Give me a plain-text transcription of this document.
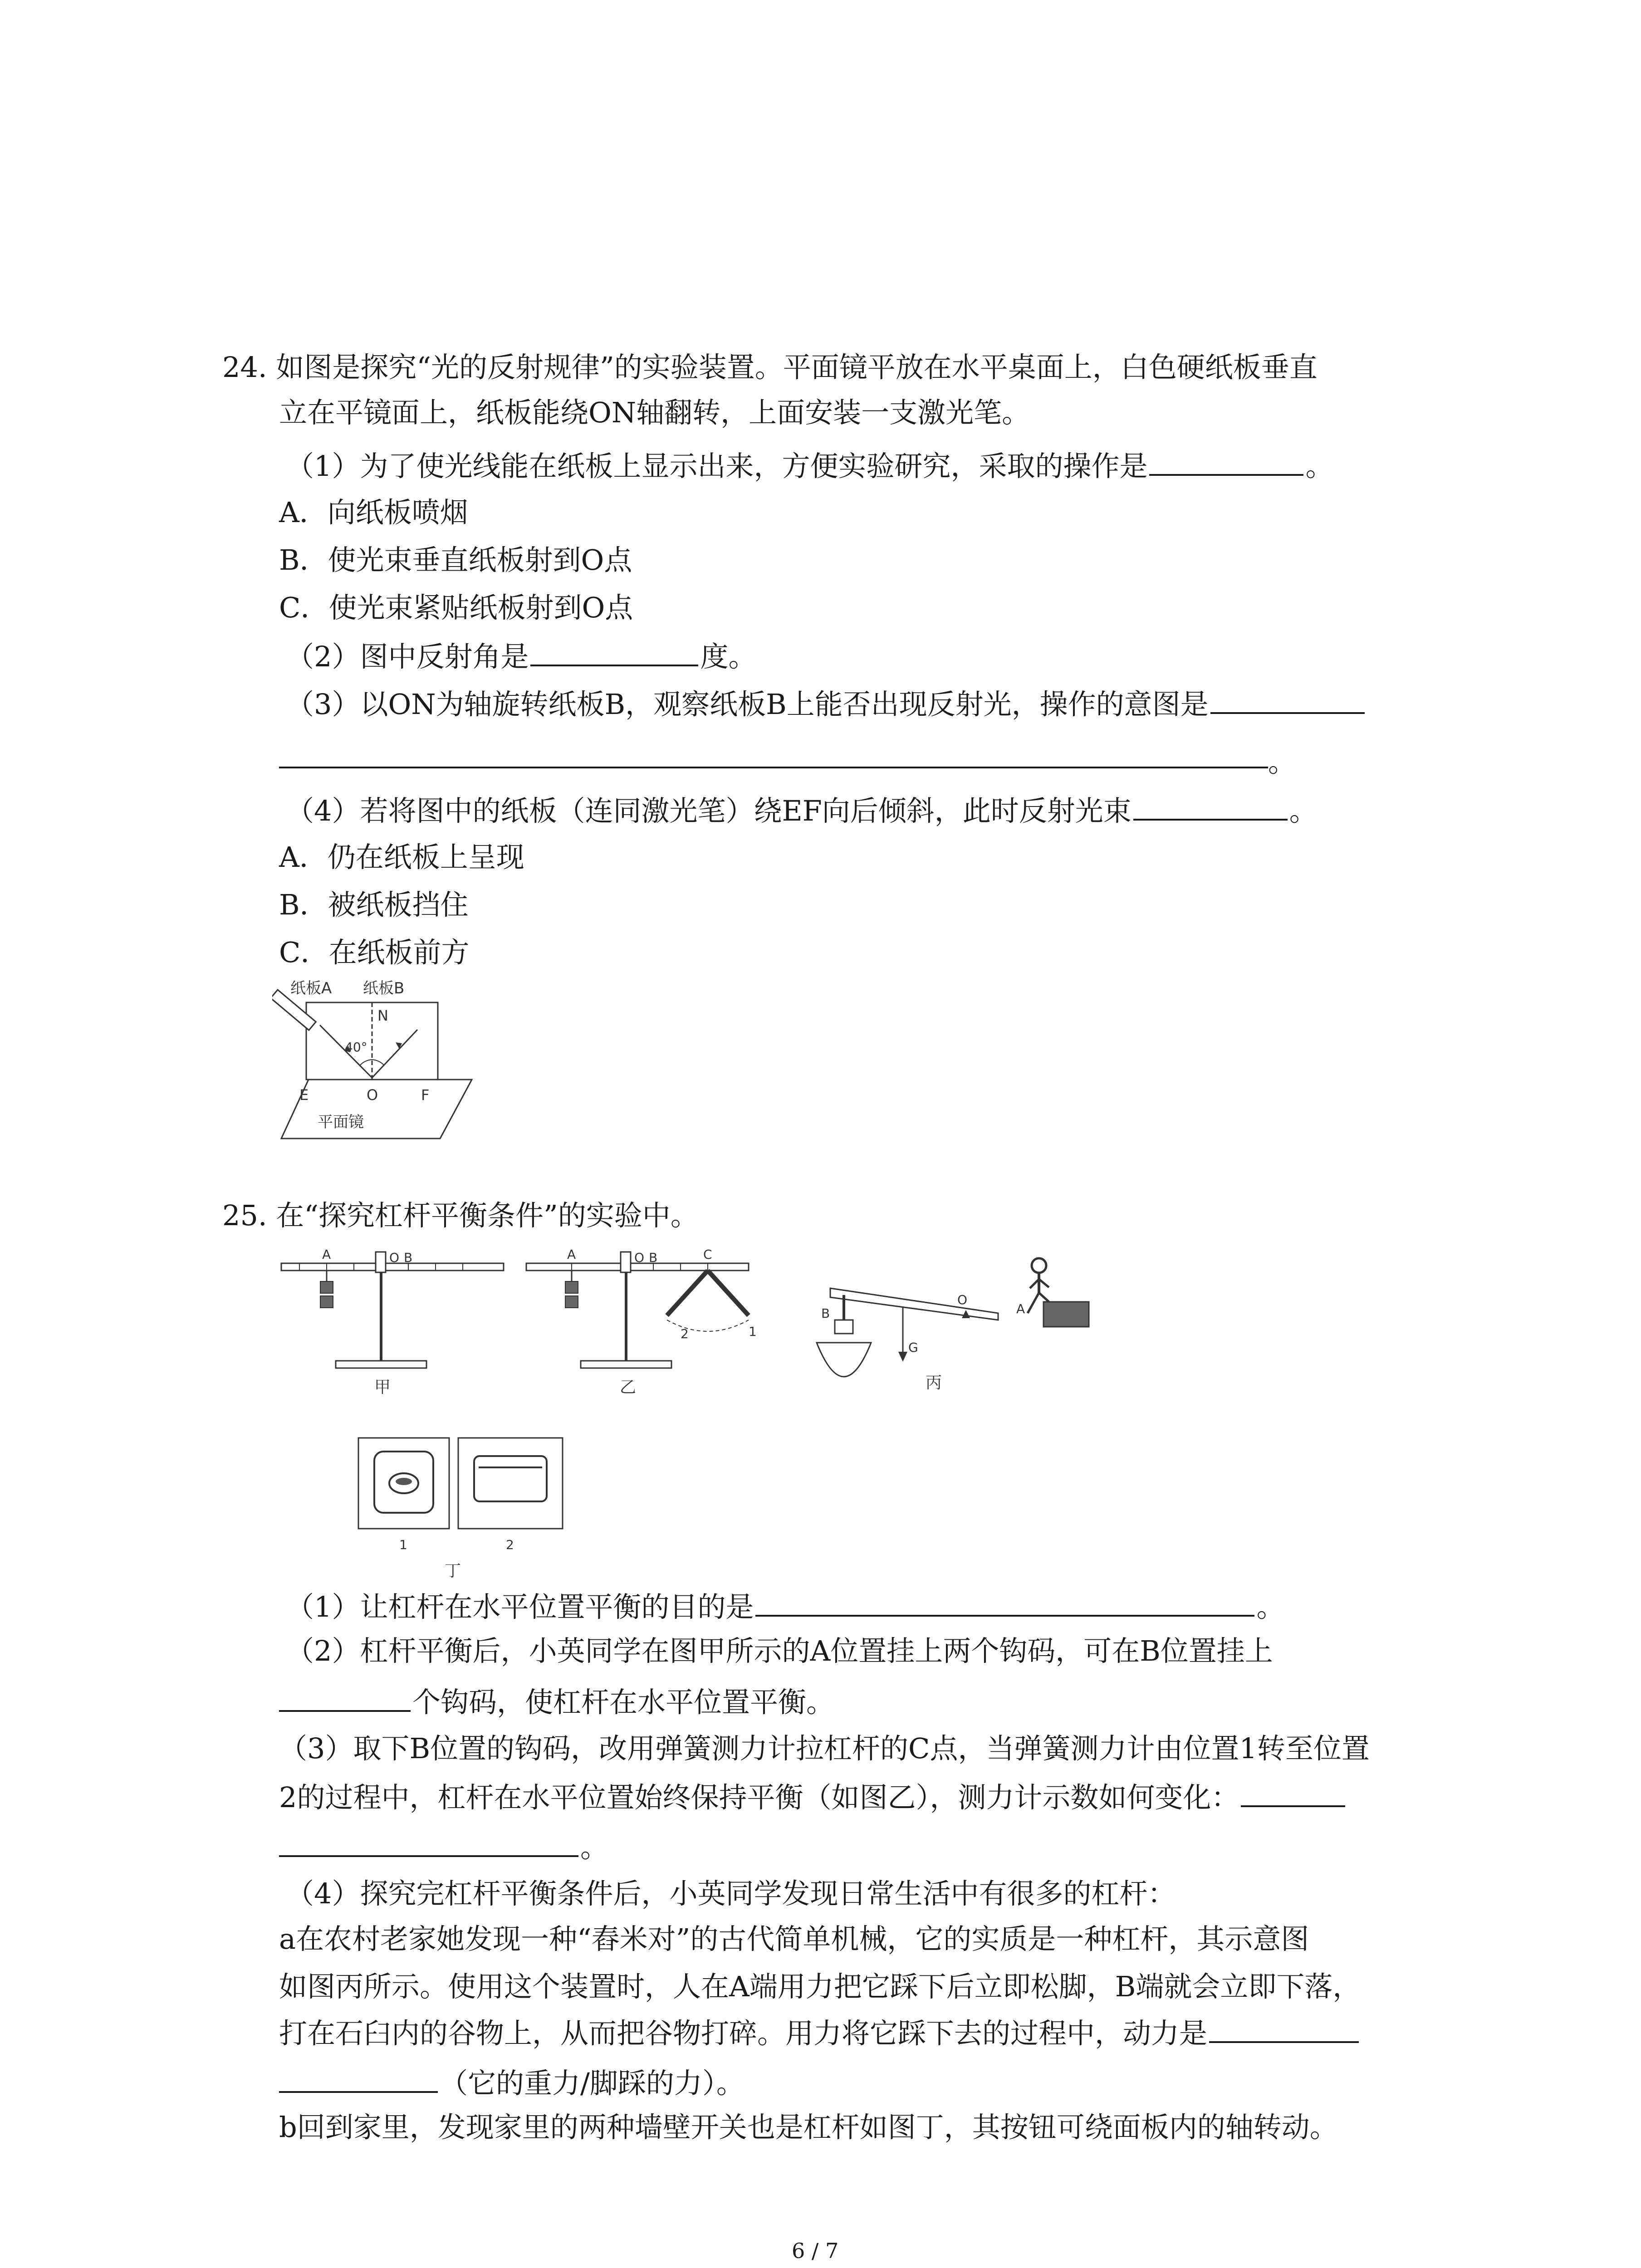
24. 如图是探究“光的反射规律”的实验装置。平面镜平放在水平桌面上，白色硬纸板垂直
立在平镜面上，纸板能绕ON轴翻转，上面安装一支激光笔。
（1）为了使光线能在纸板上显示出来，方便实验研究，采取的操作是	。
A．向纸板喷烟
B．使光束垂直纸板射到O点
C．使光束紧贴纸板射到O点
（2）图中反射角是	度。
（3）以ON为轴旋转纸板B，观察纸板B上能否出现反射光，操作的意图是
。
（4）若将图中的纸板（连同激光笔）绕EF向后倾斜，此时反射光束	。
A．仍在纸板上呈现
B．被纸板挡住
C．在纸板前方
纸板A 纸板B
N
40°
E	O	F
平面镜
25. 在“探究杠杆平衡条件”的实验中。
A	O B
甲
A	O B	C
2	1
乙
B
O
A
G
丙
1	2
丁
（1）让杠杆在水平位置平衡的目的是	。
（2）杠杆平衡后，小英同学在图甲所示的A位置挂上两个钩码，可在B位置挂上
个钩码，使杠杆在水平位置平衡。
（3）取下B位置的钩码，改用弹簧测力计拉杠杆的C点，当弹簧测力计由位置1转至位置
2的过程中，杠杆在水平位置始终保持平衡（如图乙），测力计示数如何变化：
。
（4）探究完杠杆平衡条件后，小英同学发现日常生活中有很多的杠杆：
a在农村老家她发现一种“舂米对”的古代简单机械，它的实质是一种杠杆，其示意图
如图丙所示。使用这个装置时，人在A端用力把它踩下后立即松脚，B端就会立即下落，
打在石臼内的谷物上，从而把谷物打碎。用力将它踩下去的过程中，动力是
（它的重力/脚踩的力）。
b回到家里，发现家里的两种墙壁开关也是杠杆如图丁，其按钮可绕面板内的轴转动。
6 / 7
